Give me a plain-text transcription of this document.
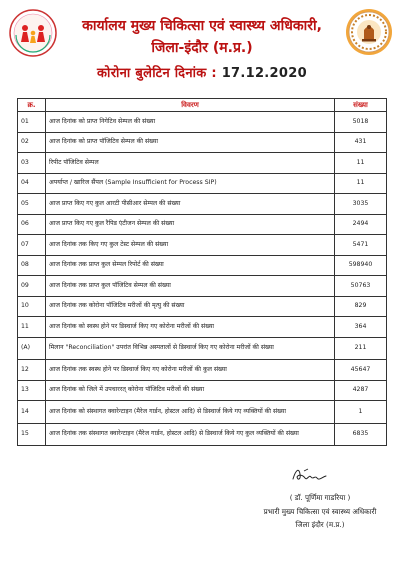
कार्यालय मुख्य चिकित्सा एवं स्वास्थ्य अधिकारी,
जिला-इंदौर (म.प्र.)
कोरोना बुलेटिन दिनांक : 17.12.2020
क्र.	विवरण	संख्या
01	आज दिनांक को प्राप्त निगेटिव सेम्पल की संख्या	5018
02	आज दिनांक को प्राप्त पॉजिटिव सेम्पल की संख्या	431
03	रिपीट पॉजिटिव सेम्पल	11
04	अपर्याप्त / खारिज सैंपल (Sample Insufficient for Process SIP)	11
05	आज प्राप्त किए गए कुल आरटी पीसीआर सेम्पल की संख्या	3035
06	आज प्राप्त किए गए कुल रैपिड एंटीजन सेम्पल की संख्या	2494
07	आज दिनांक तक किए गए कुल टेस्ट सेम्पल की संख्या	5471
08	आज दिनांक तक प्राप्त कुल सेम्पल रिपोर्ट की संख्या	598940
09	आज दिनांक तक प्राप्त कुल पॉजिटिव सेम्पल की संख्या	50763
10	आज दिनांक तक कोरोना पॉजिटिव मरीजों की मृत्यु की संख्या	829
11	आज दिनांक को स्वस्थ होने पर डिस्चार्ज किए गए कोरोना मरीजों की संख्या	364
(A)	मिलान "Reconciliation" उपरांत विभिन्न अस्पतालों से डिस्चार्ज किए गए कोरोना मरीजों की संख्या	211
12	आज दिनांक तक स्वस्थ होने पर डिस्चार्ज किए गए कोरोना मरीजों की कुल संख्या	45647
13	आज दिनांक को जिले में उपचाररत् कोरोना पॉजिटिव मरीजों की संख्या	4287
14	आज दिनांक को संस्थागत क्वारेन्टाइन (मैरेज गार्डन, होस्टल आदि) से डिस्चार्ज किये गए व्यक्तियों की संख्या	1
15	आज दिनांक तक संस्थागत क्वारेन्टाइन (मैरेज गार्डन, होस्टल आदि) से डिस्चार्ज किये गए कुल व्यक्तियों की संख्या	6835
( डॉ. पूर्णिमा गाडरिया )
प्रभारी मुख्य चिकित्सा एवं स्वास्थ्य अधिकारी
जिला इंदौर (म.प्र.)
